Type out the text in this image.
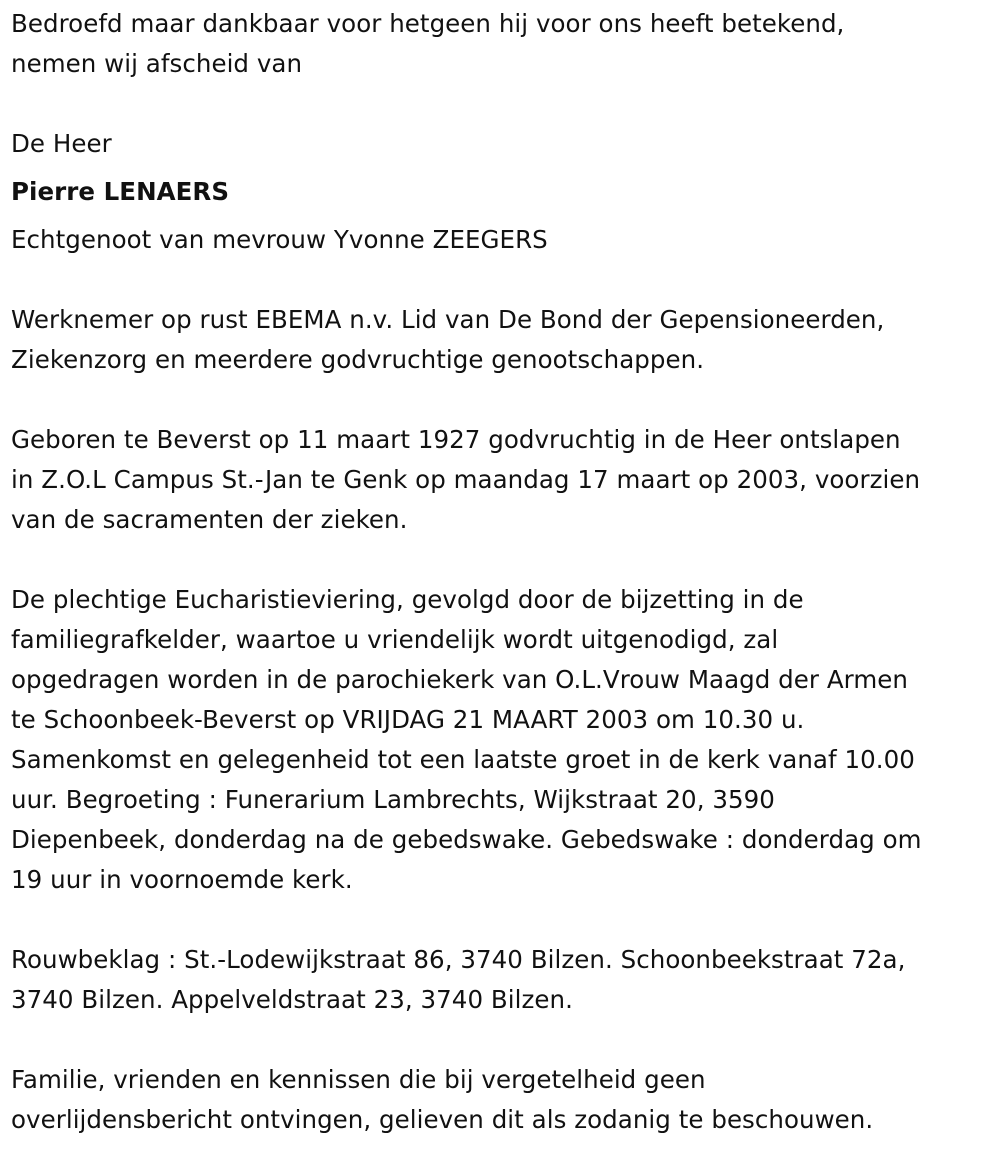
Bedroefd maar dankbaar voor hetgeen hij voor ons heeft betekend,
nemen wij afscheid van

De Heer

Pierre LENAERS

Echtgenoot van mevrouw Yvonne ZEEGERS

Werknemer op rust EBEMA n.v. Lid van De Bond der Gepensioneerden,
Ziekenzorg en meerdere godvruchtige genootschappen.

Geboren te Beverst op 11 maart 1927 godvruchtig in de Heer ontslapen
in Z.O.L Campus St.-Jan te Genk op maandag 17 maart op 2003, voorzien
van de sacramenten der zieken.

De plechtige Eucharistieviering, gevolgd door de bijzetting in de
familiegrafkelder, waartoe u vriendelijk wordt uitgenodigd, zal
opgedragen worden in de parochiekerk van O.L.Vrouw Maagd der Armen
te Schoonbeek-Beverst op VRIJDAG 21 MAART 2003 om 10.30 u.
Samenkomst en gelegenheid tot een laatste groet in de kerk vanaf 10.00
uur. Begroeting : Funerarium Lambrechts, Wijkstraat 20, 3590
Diepenbeek, donderdag na de gebedswake. Gebedswake : donderdag om
19 uur in voornoemde kerk.

Rouwbeklag : St.-Lodewijkstraat 86, 3740 Bilzen. Schoonbeekstraat 72a,
3740 Bilzen. Appelveldstraat 23, 3740 Bilzen.

Familie, vrienden en kennissen die bij vergetelheid geen
overlijdensbericht ontvingen, gelieven dit als zodanig te beschouwen.
